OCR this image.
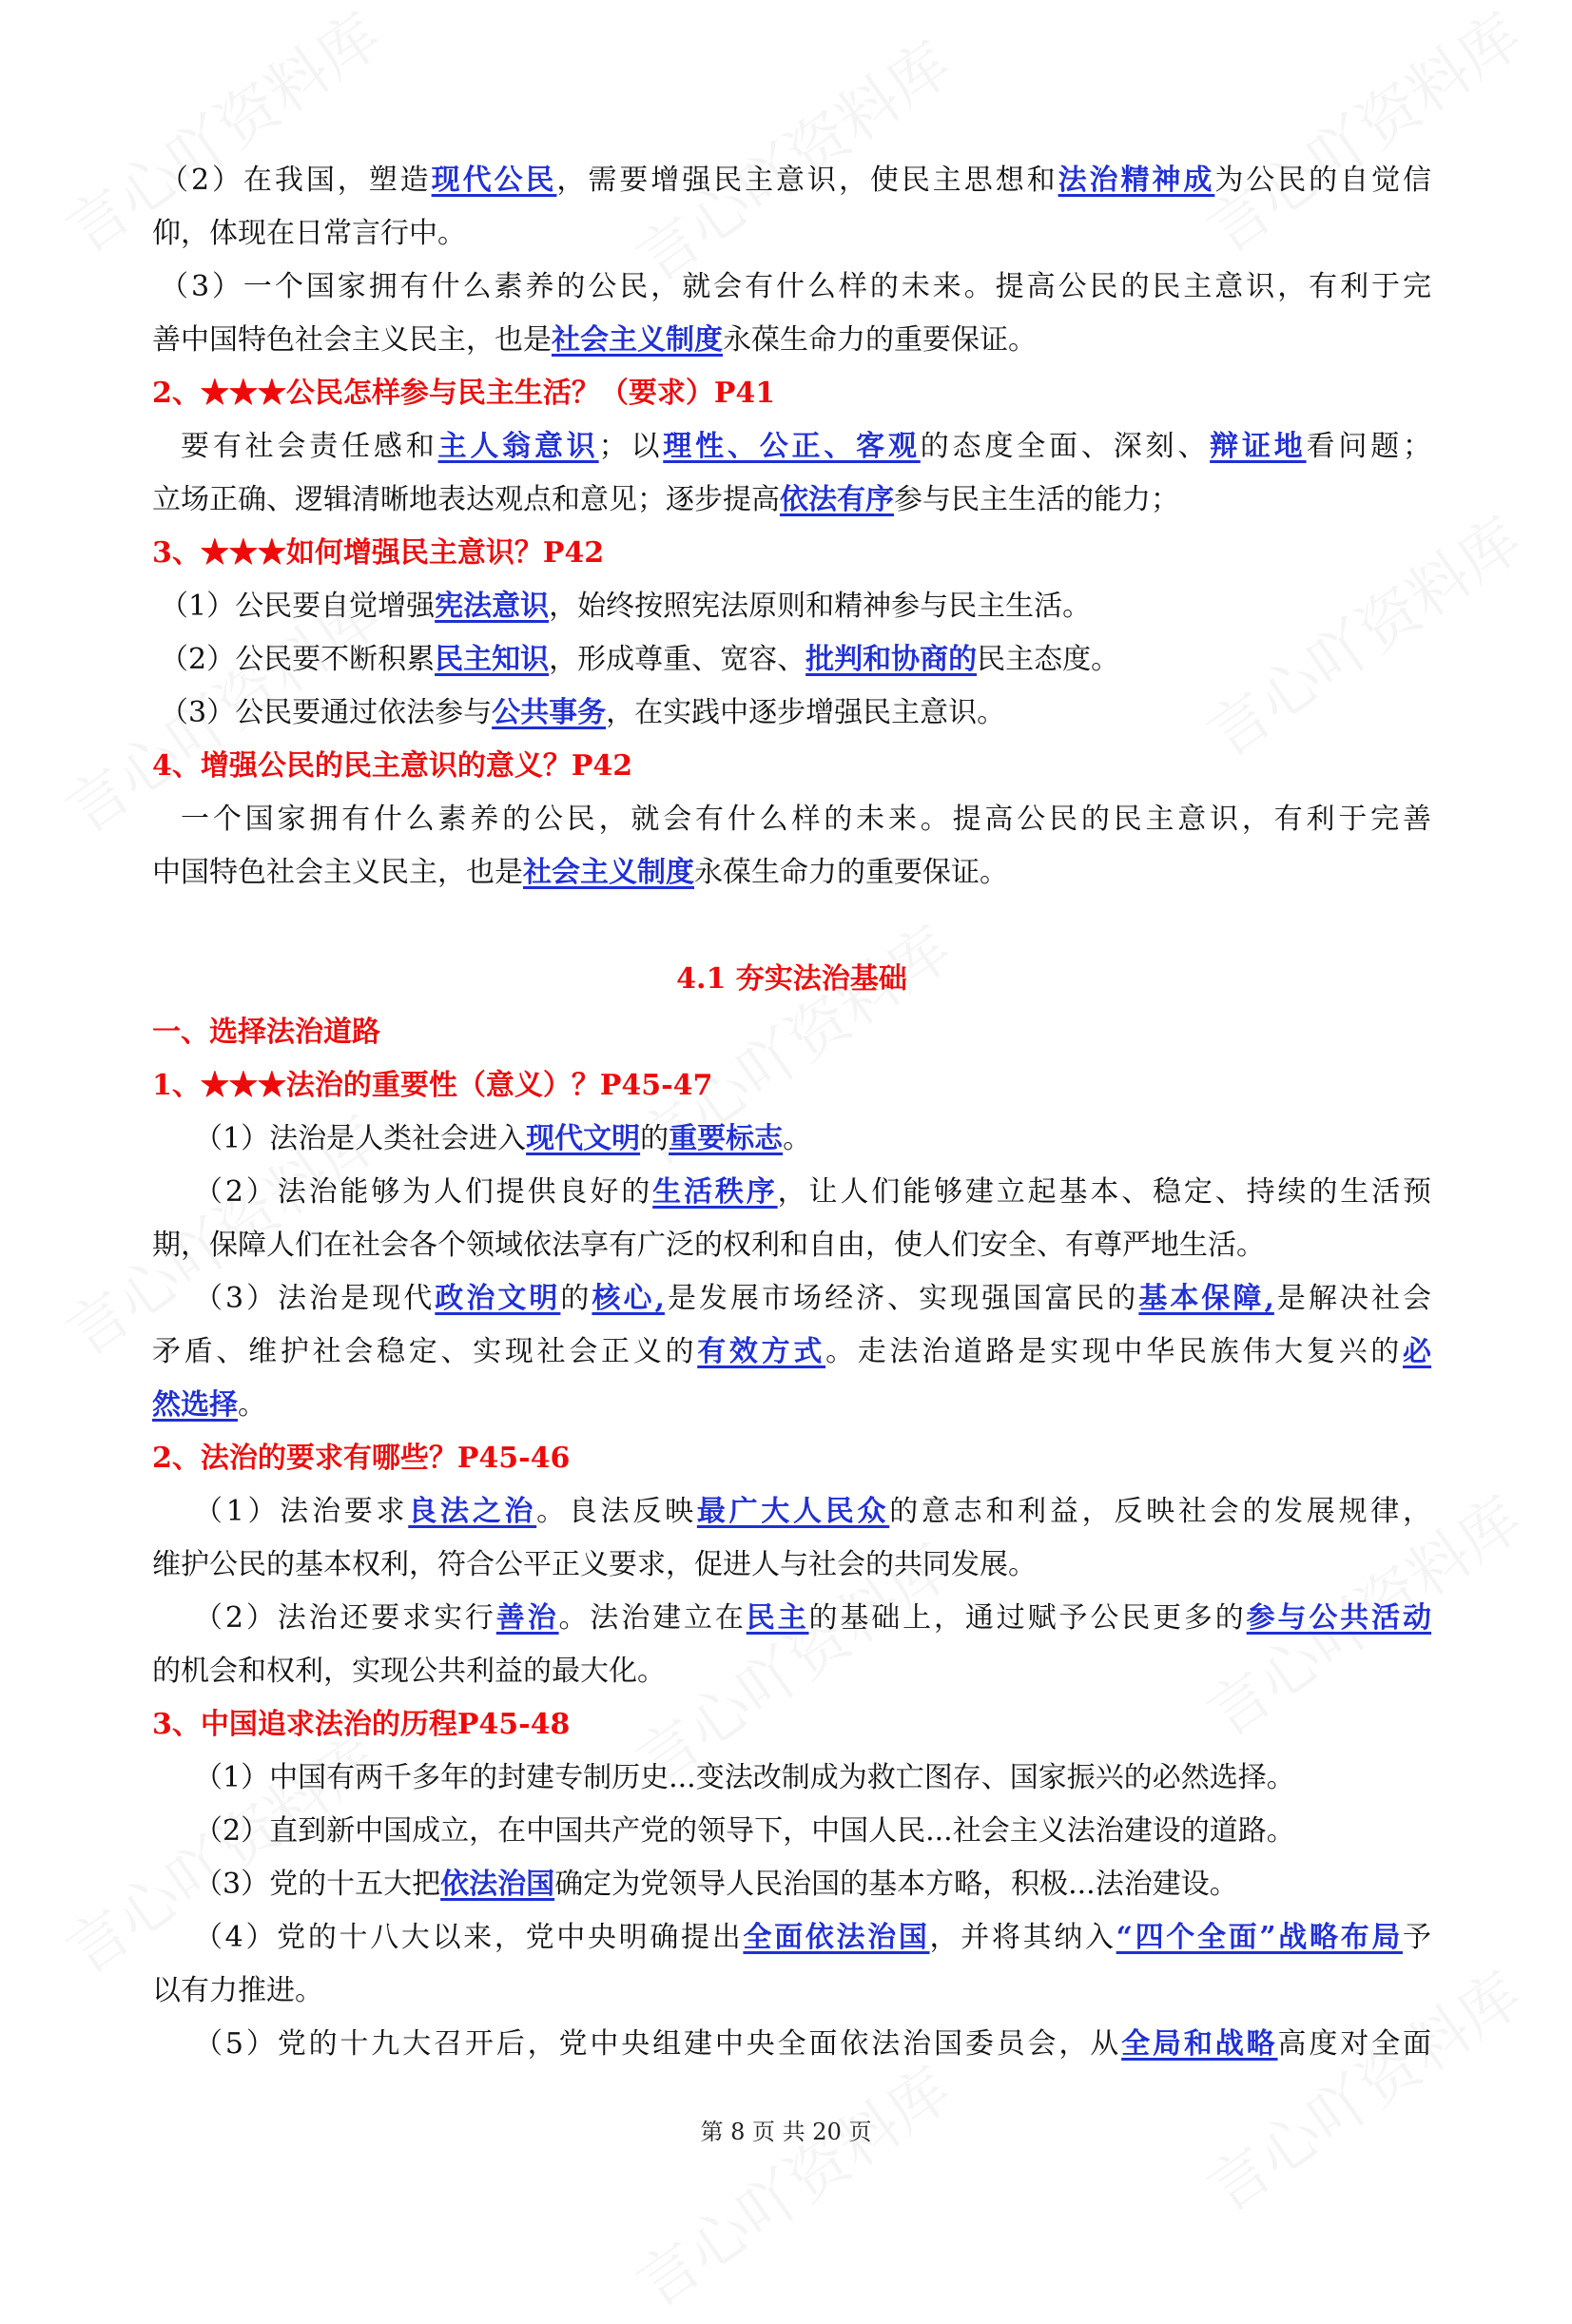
（2）在我国，塑造现代公民，需要增强民主意识，使民主思想和法治精神成为公民的自觉信
仰，体现在日常言行中。
（3）一个国家拥有什么素养的公民，就会有什么样的未来。提高公民的民主意识，有利于完
善中国特色社会主义民主，也是社会主义制度永葆生命力的重要保证。
2、★★★公民怎样参与民主生活？（要求）P41
要有社会责任感和主人翁意识；以理性、公正、客观的态度全面、深刻、辩证地看问题；
立场正确、逻辑清晰地表达观点和意见；逐步提高依法有序参与民主生活的能力；
3、★★★如何增强民主意识？P42
（1）公民要自觉增强宪法意识，始终按照宪法原则和精神参与民主生活。
（2）公民要不断积累民主知识，形成尊重、宽容、批判和协商的民主态度。
（3）公民要通过依法参与公共事务，在实践中逐步增强民主意识。
4、增强公民的民主意识的意义？P42
一个国家拥有什么素养的公民，就会有什么样的未来。提高公民的民主意识，有利于完善
中国特色社会主义民主，也是社会主义制度永葆生命力的重要保证。

4.1 夯实法治基础
一、选择法治道路
1、★★★法治的重要性（意义）？P45-47
（1）法治是人类社会进入现代文明的重要标志。
（2）法治能够为人们提供良好的生活秩序，让人们能够建立起基本、稳定、持续的生活预
期，保障人们在社会各个领域依法享有广泛的权利和自由，使人们安全、有尊严地生活。
（3）法治是现代政治文明的核心,是发展市场经济、实现强国富民的基本保障,是解决社会
矛盾、维护社会稳定、实现社会正义的有效方式。走法治道路是实现中华民族伟大复兴的必
然选择。
2、法治的要求有哪些？P45-46
（1）法治要求良法之治。良法反映最广大人民众的意志和利益，反映社会的发展规律，
维护公民的基本权利，符合公平正义要求，促进人与社会的共同发展。
（2）法治还要求实行善治。法治建立在民主的基础上，通过赋予公民更多的参与公共活动
的机会和权利，实现公共利益的最大化。
3、中国追求法治的历程P45-48
（1）中国有两千多年的封建专制历史...变法改制成为救亡图存、国家振兴的必然选择。
（2）直到新中国成立，在中国共产党的领导下，中国人民...社会主义法治建设的道路。
（3）党的十五大把依法治国确定为党领导人民治国的基本方略，积极...法治建设。
（4）党的十八大以来，党中央明确提出全面依法治国，并将其纳入“四个全面”战略布局予
以有力推进。
（5）党的十九大召开后，党中央组建中央全面依法治国委员会，从全局和战略高度对全面
第 8 页 共 20 页
